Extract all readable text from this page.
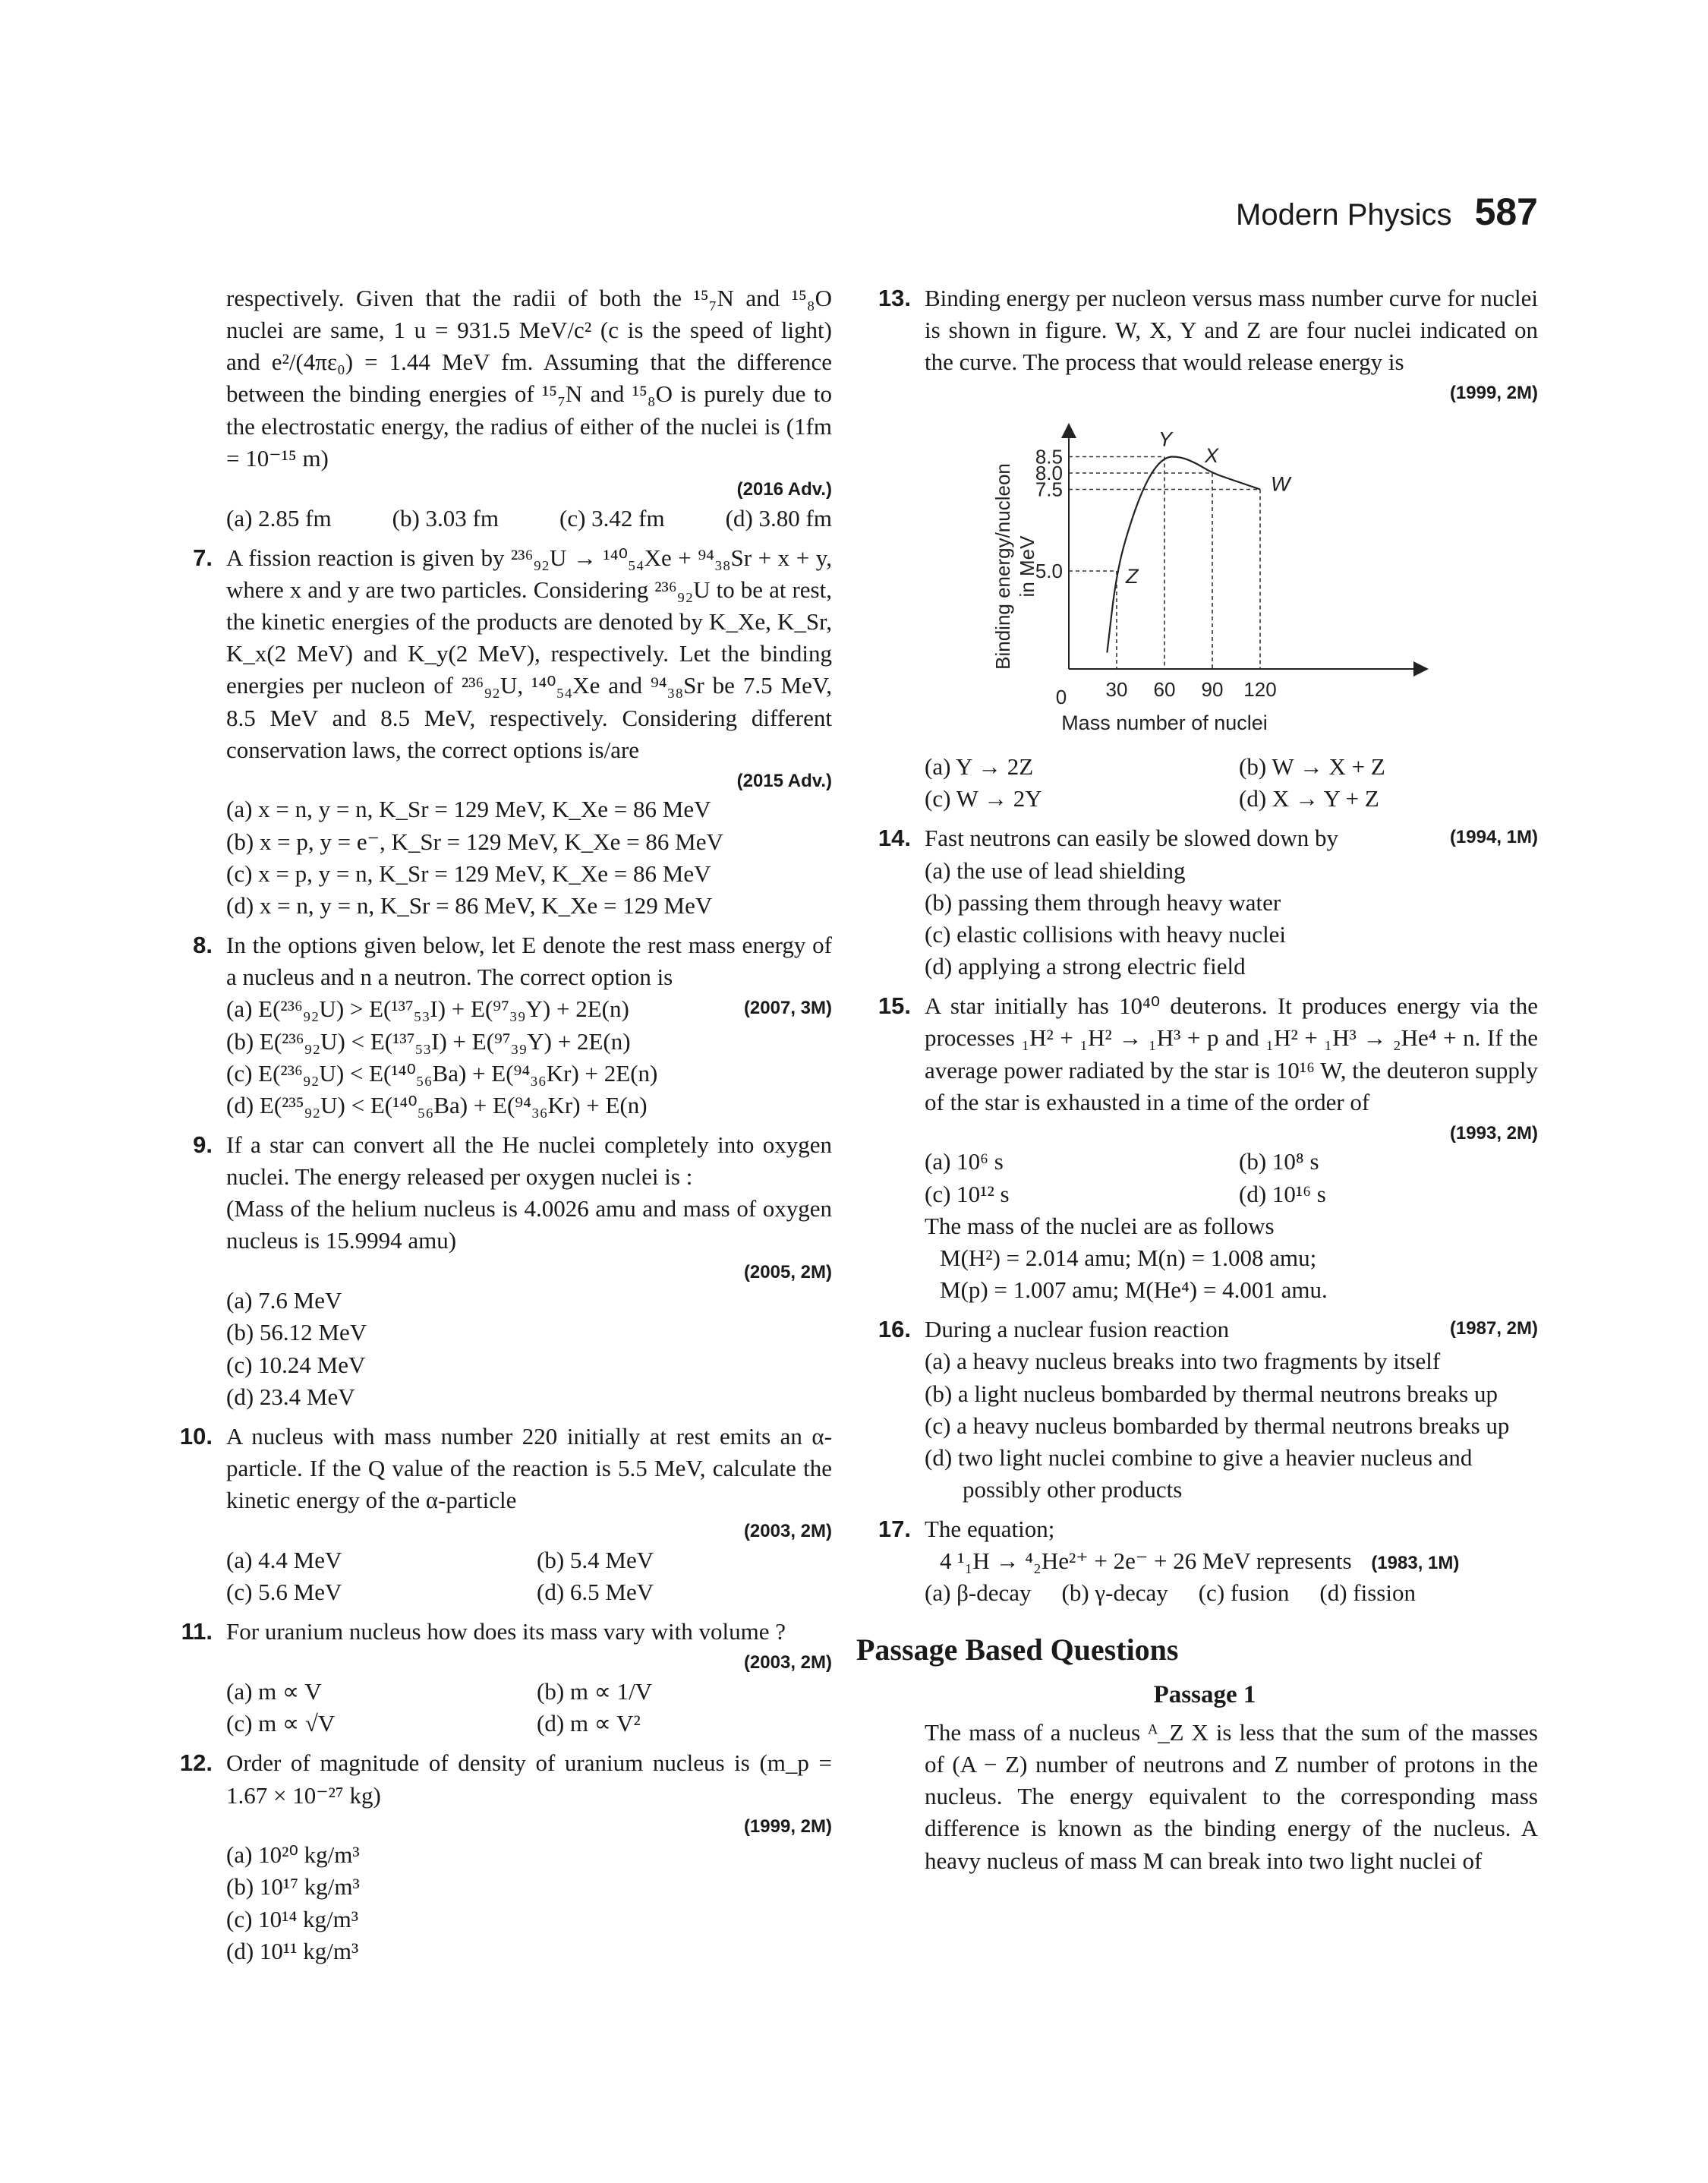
Modern Physics 587

respectively. Given that the radii of both the ¹⁵₇N and ¹⁵₈O nuclei are same, 1 u = 931.5 MeV/c² (c is the speed of light) and e²/(4πε₀) = 1.44 MeV fm. Assuming that the difference between the binding energies of ¹⁵₇N and ¹⁵₈O is purely due to the electrostatic energy, the radius of either of the nuclei is (1fm = 10⁻¹⁵ m)

(2016 Adv.)
(a) 2.85 fm	(b) 3.03 fm	(c) 3.42 fm	(d) 3.80 fm
7. A fission reaction is given by ²³⁶₉₂U → ¹⁴⁰₅₄Xe + ⁹⁴₃₈Sr + x + y, where x and y are two particles. Considering ²³⁶₉₂U to be at rest, the kinetic energies of the products are denoted by K_Xe, K_Sr, K_x(2 MeV) and K_y(2 MeV), respectively. Let the binding energies per nucleon of ²³⁶₉₂U, ¹⁴⁰₅₄Xe and ⁹⁴₃₈Sr be 7.5 MeV, 8.5 MeV and 8.5 MeV, respectively. Considering different conservation laws, the correct options is/are

(2015 Adv.)
(a) x = n, y = n, K_Sr = 129 MeV, K_Xe = 86 MeV
(b) x = p, y = e⁻, K_Sr = 129 MeV, K_Xe = 86 MeV
(c) x = p, y = n, K_Sr = 129 MeV, K_Xe = 86 MeV
(d) x = n, y = n, K_Sr = 86 MeV, K_Xe = 129 MeV
8. In the options given below, let E denote the rest mass energy of a nucleus and n a neutron. The correct option is

(2007, 3M)
(a) E(²³⁶₉₂U) > E(¹³⁷₅₃I) + E(⁹⁷₃₉Y) + 2E(n)
(b) E(²³⁶₉₂U) < E(¹³⁷₅₃I) + E(⁹⁷₃₉Y) + 2E(n)
(c) E(²³⁶₉₂U) < E(¹⁴⁰₅₆Ba) + E(⁹⁴₃₆Kr) + 2E(n)
(d) E(²³⁵₉₂U) < E(¹⁴⁰₅₆Ba) + E(⁹⁴₃₆Kr) + E(n)
9. If a star can convert all the He nuclei completely into oxygen nuclei. The energy released per oxygen nuclei is :

(Mass of the helium nucleus is 4.0026 amu and mass of oxygen nucleus is 15.9994 amu)

(2005, 2M)
(a) 7.6 MeV
(b) 56.12 MeV
(c) 10.24 MeV
(d) 23.4 MeV
10. A nucleus with mass number 220 initially at rest emits an α-particle. If the Q value of the reaction is 5.5 MeV, calculate the kinetic energy of the α-particle

(2003, 2M)
(a) 4.4 MeV	(b) 5.4 MeV
(c) 5.6 MeV	(d) 6.5 MeV
11. For uranium nucleus how does its mass vary with volume ?

(2003, 2M)
(a) m ∝ V	(b) m ∝ 1/V
(c) m ∝ √V	(d) m ∝ V²
12. Order of magnitude of density of uranium nucleus is (m_p = 1.67 × 10⁻²⁷ kg)

(1999, 2M)
(a) 10²⁰ kg/m³
(b) 10¹⁷ kg/m³
(c) 10¹⁴ kg/m³
(d) 10¹¹ kg/m³
13. Binding energy per nucleon versus mass number curve for nuclei is shown in figure. W, X, Y and Z are four nuclei indicated on the curve. The process that would release energy is

(1999, 2M)
Binding energy/nucleon in MeV	Z
Y
X
W
5.0
7.5
8.0
8.5
0 30 60 90 120
Mass number of nuclei
(a) Y → 2Z	(b) W → X + Z
(c) W → 2Y	(d) X → Y + Z
14.	(1994, 1M)

Fast neutrons can easily be slowed down by

(a) the use of lead shielding
(b) passing them through heavy water
(c) elastic collisions with heavy nuclei
(d) applying a strong electric field
15. A star initially has 10⁴⁰ deuterons. It produces energy via the processes ₁H² + ₁H² → ₁H³ + p and ₁H² + ₁H³ → ₂He⁴ + n. If the average power radiated by the star is 10¹⁶ W, the deuteron supply of the star is exhausted in a time of the order of

(1993, 2M)
(a) 10⁶ s	(b) 10⁸ s
(c) 10¹² s	(d) 10¹⁶ s

The mass of the nuclei are as follows

M(H²) = 2.014 amu; M(n) = 1.008 amu;

M(p) = 1.007 amu; M(He⁴) = 4.001 amu.

16.	(1987, 2M)

During a nuclear fusion reaction

(a) a heavy nucleus breaks into two fragments by itself
(b) a light nucleus bombarded by thermal neutrons breaks up
(c) a heavy nucleus bombarded by thermal neutrons breaks up
(d) two light nuclei combine to give a heavier nucleus and possibly other products
17. The equation;

4 ¹₁H → ⁴₂He²⁺ + 2e⁻ + 26 MeV represents (1983, 1M)

(a) β-decay (b) γ-decay (c) fusion (d) fission
Passage Based Questions
Passage 1

The mass of a nucleus ᴬ_Z X is less that the sum of the masses of (A − Z) number of neutrons and Z number of protons in the nucleus. The energy equivalent to the corresponding mass difference is known as the binding energy of the nucleus. A heavy nucleus of mass M can break into two light nuclei of
